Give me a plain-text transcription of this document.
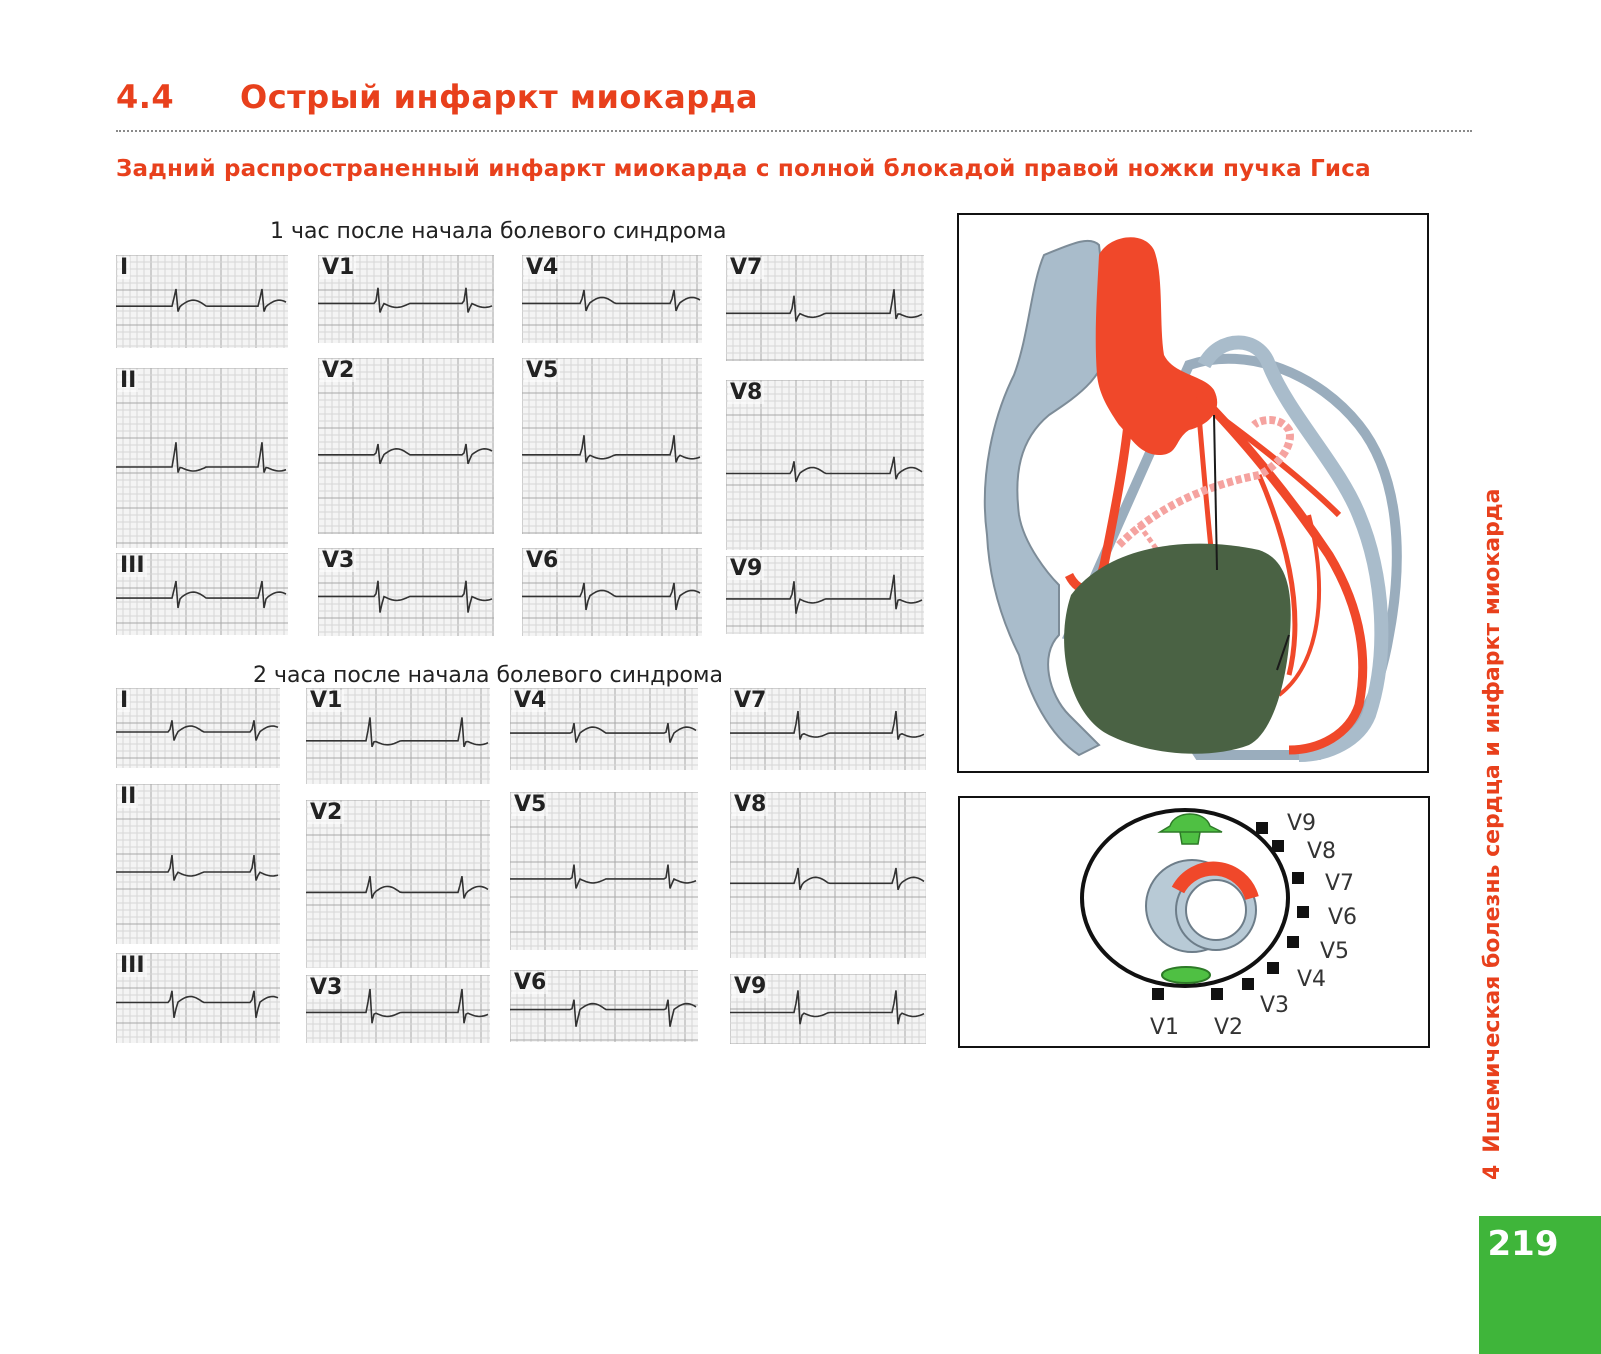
4.4 Острый инфаркт миокарда
Задний распространенный инфаркт миокарда с полной блокадой правой ножки пучка Гиса
1 час после начала болевого синдрома
2 часа после начала болевого синдрома
I
II
III
V1
V2
V3
V4
V5
V6
V7
V8
V9
I
II
III
V1
V2
V3
V4
V5
V6
V7
V8
V9
V9
V8
V7
V6
V5
V4
V3
V2
V1
4Ишемическая болезнь сердца и инфаркт миокарда
219
